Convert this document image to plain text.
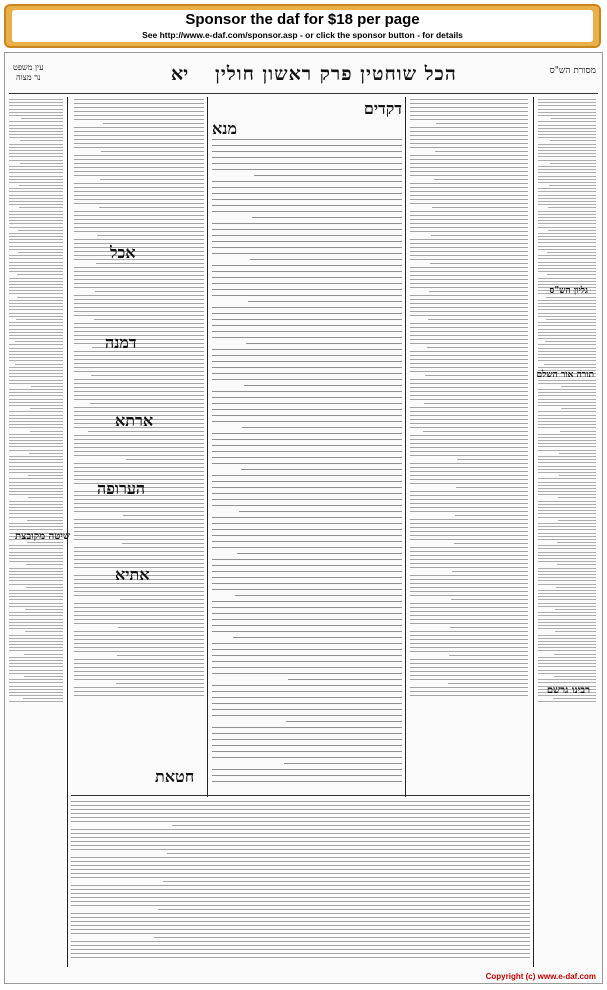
Sponsor the daf for $18 per page
See http://www.e-daf.com/sponsor.asp - or click the sponsor button - for details
מסורת הש"ס
הכל שוחטין פרק ראשון חולין
יא
עין משפט
נר מצוה
גליון הש"ס
תורה אור השלם
רבינו גרשם
דקדים
מנא
אכל
דמנה
ארתא
הערופה
אתיא
חטאת
שיטה מקובצת
Copyright (c) www.e-daf.com
